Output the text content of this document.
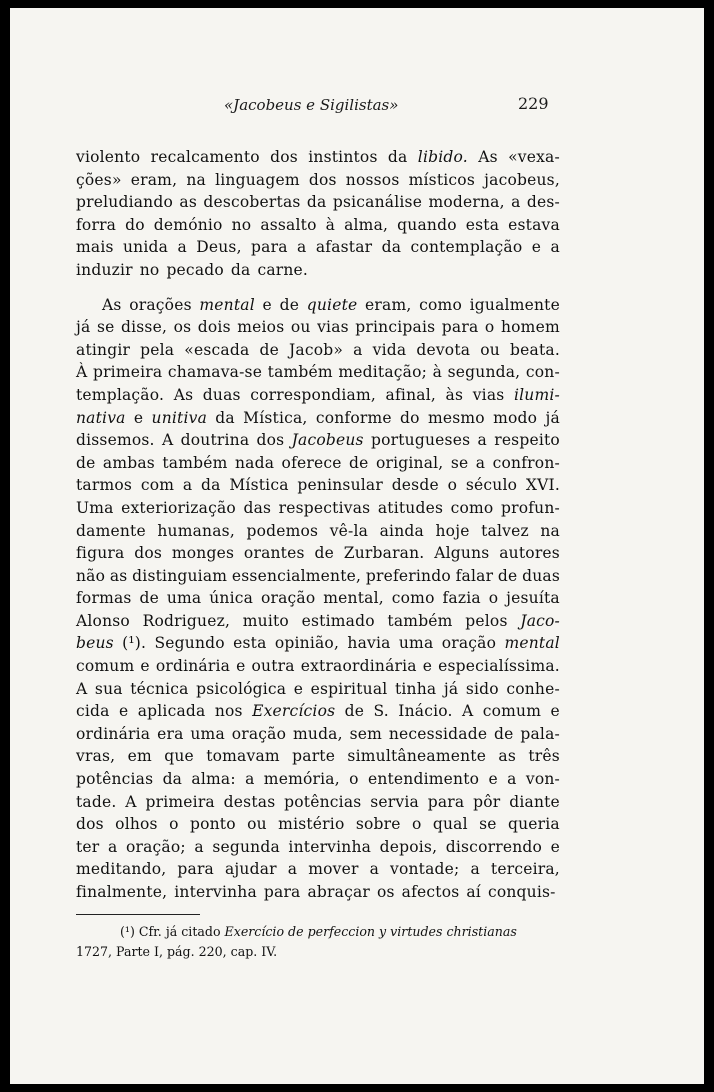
«Jacobeus e Sigilistas»	229
violento recalcamento dos instintos da libido. As «vexa-
ções» eram, na linguagem dos nossos místicos jacobeus,
preludiando as descobertas da psicanálise moderna, a des-
forra do demónio no assalto à alma, quando esta estava
mais unida a Deus, para a afastar da contemplação e a
induzir no pecado da carne.
As orações mental e de quiete eram, como igualmente
já se disse, os dois meios ou vias principais para o homem
atingir pela «escada de Jacob» a vida devota ou beata.
À primeira chamava-se também meditação; à segunda, con-
templação. As duas correspondiam, afinal, às vias ilumi-
nativa e unitiva da Mística, conforme do mesmo modo já
dissemos. A doutrina dos Jacobeus portugueses a respeito
de ambas também nada oferece de original, se a confron-
tarmos com a da Mística peninsular desde o século XVI.
Uma exteriorização das respectivas atitudes como profun-
damente humanas, podemos vê-la ainda hoje talvez na
figura dos monges orantes de Zurbaran. Alguns autores
não as distinguiam essencialmente, preferindo falar de duas
formas de uma única oração mental, como fazia o jesuíta
Alonso Rodriguez, muito estimado também pelos Jaco-
beus (¹). Segundo esta opinião, havia uma oração mental
comum e ordinária e outra extraordinária e especialíssima.
A sua técnica psicológica e espiritual tinha já sido conhe-
cida e aplicada nos Exercícios de S. Inácio. A comum e
ordinária era uma oração muda, sem necessidade de pala-
vras, em que tomavam parte simultâneamente as três
potências da alma: a memória, o entendimento e a von-
tade. A primeira destas potências servia para pôr diante
dos olhos o ponto ou mistério sobre o qual se queria
ter a oração; a segunda intervinha depois, discorrendo e
meditando, para ajudar a mover a vontade; a terceira,
finalmente, intervinha para abraçar os afectos aí conquis-
(¹) Cfr. já citado Exercício de perfeccion y virtudes christianas
1727, Parte I, pág. 220, cap. IV.
